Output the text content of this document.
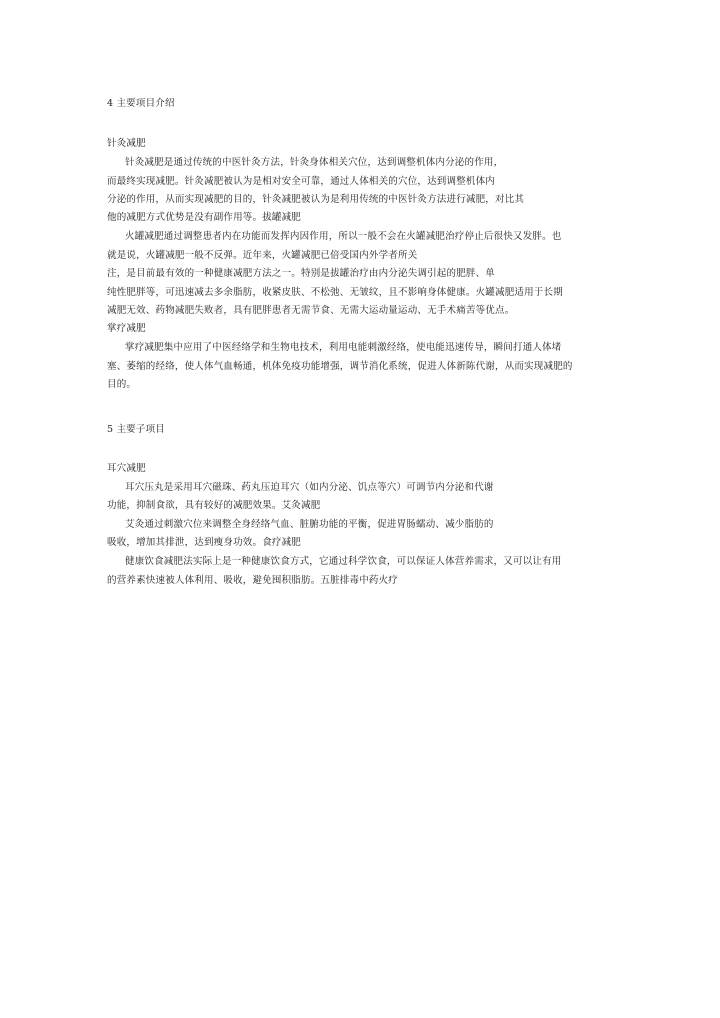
4 主要项目介绍
针灸减肥
针灸减肥是通过传统的中医针灸方法，针灸身体相关穴位，达到调整机体内分泌的作用，
而最终实现减肥。针灸减肥被认为是相对安全可靠，通过人体相关的穴位，达到调整机体内
分泌的作用，从而实现减肥的目的，针灸减肥被认为是利用传统的中医针灸方法进行减肥，对比其
他的减肥方式优势是没有副作用等。拔罐减肥
火罐减肥通过调整患者内在功能而发挥内因作用，所以一般不会在火罐减肥治疗停止后很快又发胖。也
就是说，火罐减肥一般不反弹。近年来，火罐减肥已倍受国内外学者所关
注，是目前最有效的一种健康减肥方法之一。特别是拔罐治疗由内分泌失调引起的肥胖、单
纯性肥胖等，可迅速减去多余脂肪，收紧皮肤、不松弛、无皱纹，且不影响身体健康。火罐减肥适用于长期
减肥无效、药物减肥失败者，具有肥胖患者无需节食、无需大运动量运动、无手术痛苦等优点。
掌疗减肥
掌疗减肥集中应用了中医经络学和生物电技术，利用电能刺激经络，使电能迅速传导，瞬间打通人体堵
塞、萎缩的经络，使人体气血畅通，机体免疫功能增强，调节消化系统，促进人体新陈代谢，从而实现减肥的
目的。
5 主要子项目
耳穴减肥
耳穴压丸是采用耳穴磁珠、药丸压迫耳穴（如内分泌、饥点等穴）可调节内分泌和代谢
功能，抑制食欲，具有较好的减肥效果。艾灸减肥
艾灸通过刺激穴位来调整全身经络气血、脏腑功能的平衡，促进胃肠蠕动、减少脂肪的
吸收，增加其排泄，达到瘦身功效。食疗减肥
健康饮食减肥法实际上是一种健康饮食方式，它通过科学饮食，可以保证人体营养需求，又可以让有用
的营养素快速被人体利用、吸收，避免囤积脂肪。五脏排毒中药火疗
